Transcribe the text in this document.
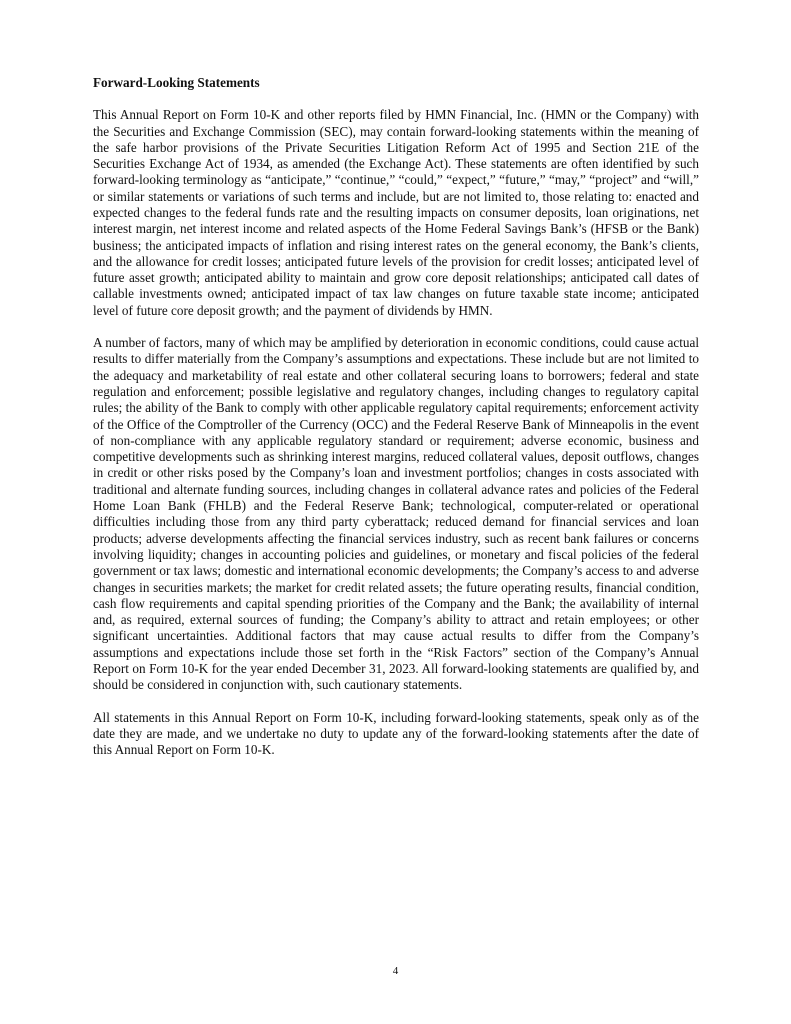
Forward-Looking Statements

This Annual Report on Form 10-K and other reports filed by HMN Financial, Inc. (HMN or the Company) with the Securities and Exchange Commission (SEC), may contain forward-looking statements within the meaning of the safe harbor provisions of the Private Securities Litigation Reform Act of 1995 and Section 21E of the Securities Exchange Act of 1934, as amended (the Exchange Act). These statements are often identified by such forward-looking terminology as “anticipate,” “continue,” “could,” “expect,” “future,” “may,” “project” and “will,” or similar statements or variations of such terms and include, but are not limited to, those relating to: enacted and expected changes to the federal funds rate and the resulting impacts on consumer deposits, loan originations, net interest margin, net interest income and related aspects of the Home Federal Savings Bank’s (HFSB or the Bank) business; the anticipated impacts of inflation and rising interest rates on the general economy, the Bank’s clients, and the allowance for credit losses; anticipated future levels of the provision for credit losses; anticipated level of future asset growth; anticipated ability to maintain and grow core deposit relationships; anticipated call dates of callable investments owned; anticipated impact of tax law changes on future taxable state income; anticipated level of future core deposit growth; and the payment of dividends by HMN.

A number of factors, many of which may be amplified by deterioration in economic conditions, could cause actual results to differ materially from the Company’s assumptions and expectations. These include but are not limited to the adequacy and marketability of real estate and other collateral securing loans to borrowers; federal and state regulation and enforcement; possible legislative and regulatory changes, including changes to regulatory capital rules; the ability of the Bank to comply with other applicable regulatory capital requirements; enforcement activity of the Office of the Comptroller of the Currency (OCC) and the Federal Reserve Bank of Minneapolis in the event of non-compliance with any applicable regulatory standard or requirement; adverse economic, business and competitive developments such as shrinking interest margins, reduced collateral values, deposit outflows, changes in credit or other risks posed by the Company’s loan and investment portfolios; changes in costs associated with traditional and alternate funding sources, including changes in collateral advance rates and policies of the Federal Home Loan Bank (FHLB) and the Federal Reserve Bank; technological, computer-related or operational difficulties including those from any third party cyberattack; reduced demand for financial services and loan products; adverse developments affecting the financial services industry, such as recent bank failures or concerns involving liquidity; changes in accounting policies and guidelines, or monetary and fiscal policies of the federal government or tax laws; domestic and international economic developments; the Company’s access to and adverse changes in securities markets; the market for credit related assets; the future operating results, financial condition, cash flow requirements and capital spending priorities of the Company and the Bank; the availability of internal and, as required, external sources of funding; the Company’s ability to attract and retain employees; or other significant uncertainties. Additional factors that may cause actual results to differ from the Company’s assumptions and expectations include those set forth in the “Risk Factors” section of the Company’s Annual Report on Form 10-K for the year ended December 31, 2023. All forward-looking statements are qualified by, and should be considered in conjunction with, such cautionary statements.

All statements in this Annual Report on Form 10-K, including forward-looking statements, speak only as of the date they are made, and we undertake no duty to update any of the forward-looking statements after the date of this Annual Report on Form 10-K.

4
